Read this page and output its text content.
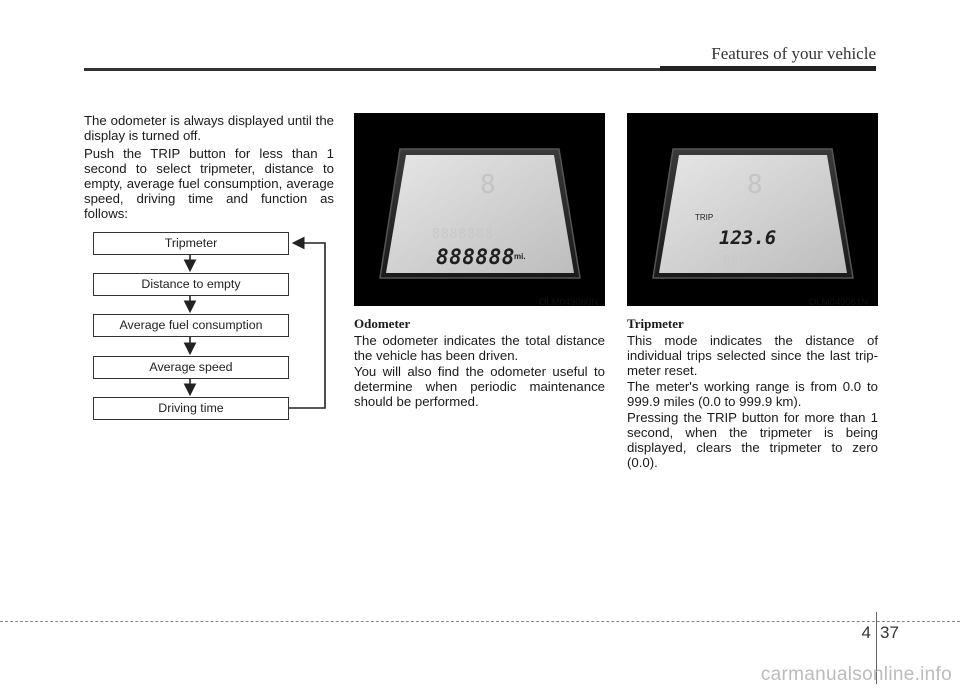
Features of your vehicle

The odometer is always displayed until the display is turned off.

Push the TRIP button for less than 1 second to select tripmeter, distance to empty, average fuel consumption, average speed, driving time and function as follows:

Tripmeter
Distance to empty
Average fuel consumption
Average speed
Driving time
8
8888888
888888 mi.
OLM049060N
8
TRIP
123.6
88888
OLM049061N
Odometer

The odometer indicates the total distance the vehicle has been driven.

You will also find the odometer useful to determine when periodic maintenance should be performed.

Tripmeter

This mode indicates the distance of individual trips selected since the last trip-meter reset.

The meter's working range is from 0.0 to 999.9 miles (0.0 to 999.9 km).

Pressing the TRIP button for more than 1 second, when the tripmeter is being displayed, clears the tripmeter to zero (0.0).

4 37
carmanualsonline.info
